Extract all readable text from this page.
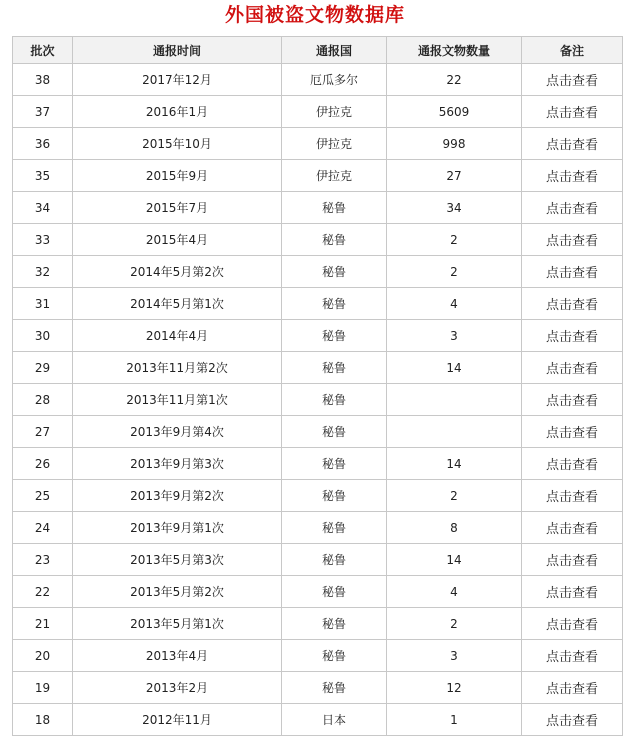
外国被盗文物数据库
批次	通报时间	通报国	通报文物数量	备注
38	2017年12月	厄瓜多尔	22	点击查看
37	2016年1月	伊拉克	5609	点击查看
36	2015年10月	伊拉克	998	点击查看
35	2015年9月	伊拉克	27	点击查看
34	2015年7月	秘鲁	34	点击查看
33	2015年4月	秘鲁	2	点击查看
32	2014年5月第2次	秘鲁	2	点击查看
31	2014年5月第1次	秘鲁	4	点击查看
30	2014年4月	秘鲁	3	点击查看
29	2013年11月第2次	秘鲁	14	点击查看
28	2013年11月第1次	秘鲁		点击查看
27	2013年9月第4次	秘鲁		点击查看
26	2013年9月第3次	秘鲁	14	点击查看
25	2013年9月第2次	秘鲁	2	点击查看
24	2013年9月第1次	秘鲁	8	点击查看
23	2013年5月第3次	秘鲁	14	点击查看
22	2013年5月第2次	秘鲁	4	点击查看
21	2013年5月第1次	秘鲁	2	点击查看
20	2013年4月	秘鲁	3	点击查看
19	2013年2月	秘鲁	12	点击查看
18	2012年11月	日本	1	点击查看
